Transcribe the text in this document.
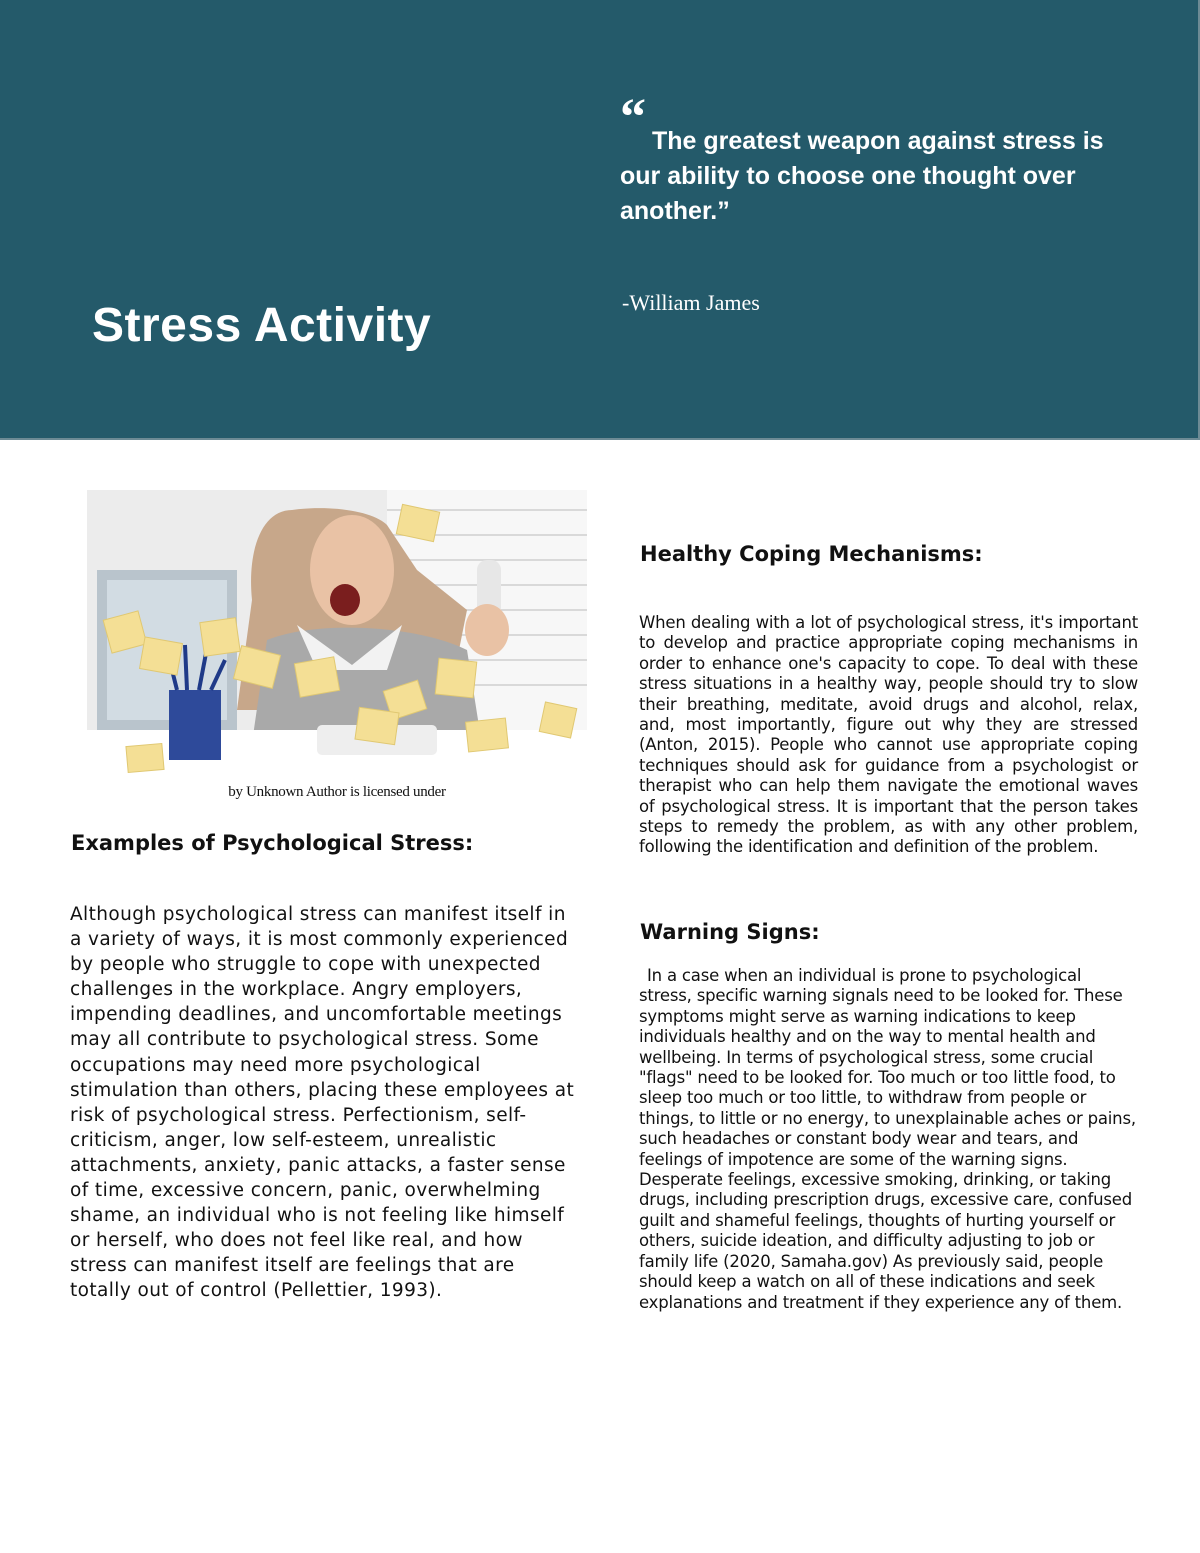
Stress Activity
“ The greatest weapon against stress is
our ability to choose one thought over another.”

-William James
by Unknown Author is licensed under
Examples of Psychological Stress:

Although psychological stress can manifest itself in a variety of ways, it is most commonly experienced by people who struggle to cope with unexpected challenges in the workplace. Angry employers, impending deadlines, and uncomfortable meetings may all contribute to psychological stress. Some occupations may need more psychological stimulation than others, placing these employees at risk of psychological stress. Perfectionism, self-criticism, anger, low self-esteem, unrealistic attachments, anxiety, panic attacks, a faster sense of time, excessive concern, panic, overwhelming shame, an individual who is not feeling like himself or herself, who does not feel like real, and how stress can manifest itself are feelings that are totally out of control (Pellettier, 1993).

Healthy Coping Mechanisms:

When dealing with a lot of psychological stress, it's important to develop and practice appropriate coping mechanisms in order to enhance one's capacity to cope. To deal with these stress situations in a healthy way, people should try to slow their breathing, meditate, avoid drugs and alcohol, relax, and, most importantly, figure out why they are stressed (Anton, 2015). People who cannot use appropriate coping techniques should ask for guidance from a psychologist or therapist who can help them navigate the emotional waves of psychological stress. It is important that the person takes steps to remedy the problem, as with any other problem, following the identification and definition of the problem.

Warning Signs:

In a case when an individual is prone to psychological stress, specific warning signals need to be looked for. These symptoms might serve as warning indications to keep individuals healthy and on the way to mental health and wellbeing. In terms of psychological stress, some crucial "flags" need to be looked for. Too much or too little food, to sleep too much or too little, to withdraw from people or things, to little or no energy, to unexplainable aches or pains, such headaches or constant body wear and tears, and feelings of impotence are some of the warning signs. Desperate feelings, excessive smoking, drinking, or taking drugs, including prescription drugs, excessive care, confused guilt and shameful feelings, thoughts of hurting yourself or others, suicide ideation, and difficulty adjusting to job or family life (2020, Samaha.gov) As previously said, people should keep a watch on all of these indications and seek explanations and treatment if they experience any of them.
